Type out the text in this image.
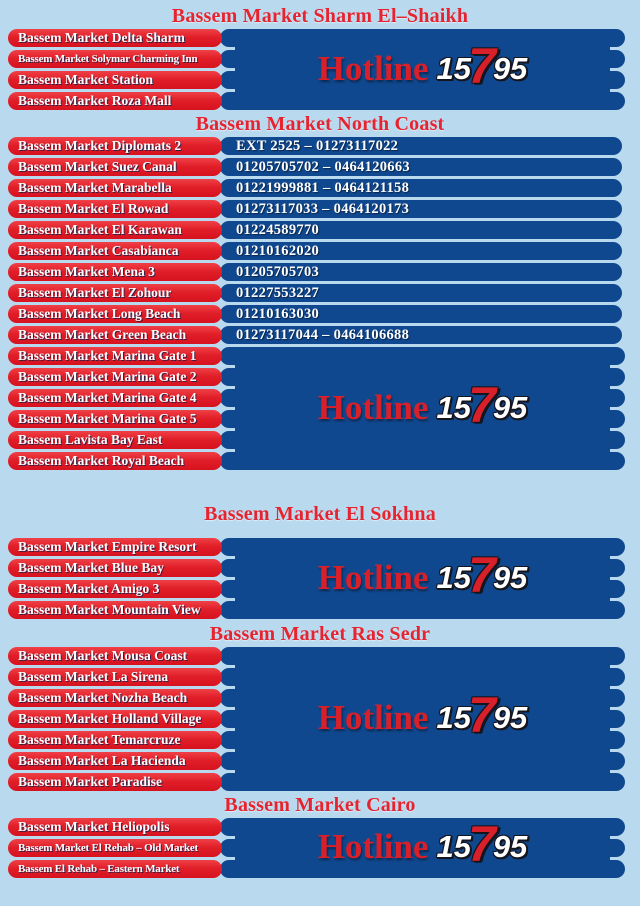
Bassem Market Sharm El–Shaikh
Hotline 15
7
95
Bassem Market Delta Sharm
Bassem Market Solymar Charming Inn
Bassem Market Station
Bassem Market Roza Mall
Bassem Market North Coast
Bassem Market Diplomats 2	EXT 2525 – 01273117022
Bassem Market Suez Canal	01205705702 – 0464120663
Bassem Market Marabella	01221999881 – 0464121158
Bassem Market El Rowad	01273117033 – 0464120173
Bassem Market El Karawan	01224589770
Bassem Market Casabianca	01210162020
Bassem Market Mena 3	01205705703
Bassem Market El Zohour	01227553227
Bassem Market Long Beach	01210163030
Bassem Market Green Beach	01273117044 – 0464106688
Hotline 15
7
95
Bassem Market Marina Gate 1
Bassem Market Marina Gate 2
Bassem Market Marina Gate 4
Bassem Market Marina Gate 5
Bassem Lavista Bay East
Bassem Market Royal Beach
Bassem Market El Sokhna
Hotline 15
7
95
Bassem Market Empire Resort
Bassem Market Blue Bay
Bassem Market Amigo 3
Bassem Market Mountain View
Bassem Market Ras Sedr
Hotline 15
7
95
Bassem Market Mousa Coast
Bassem Market La Sirena
Bassem Market Nozha Beach
Bassem Market Holland Village
Bassem Market Temarcruze
Bassem Market La Hacienda
Bassem Market Paradise
Bassem Market Cairo
Hotline 15
7
95
Bassem Market Heliopolis
Bassem Market El Rehab – Old Market
Bassem El Rehab – Eastern Market
